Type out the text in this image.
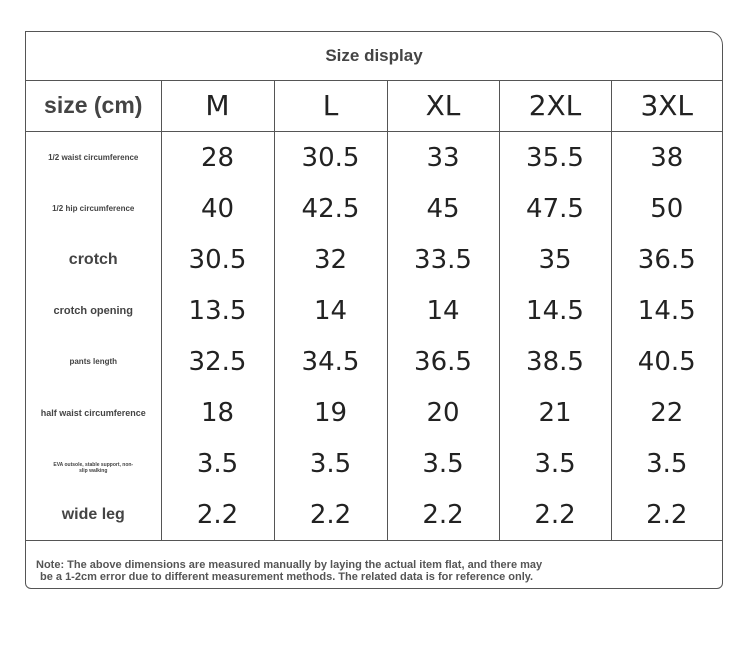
Size display
size (cm)	M	L	XL	2XL	3XL
1/2 waist circumference	28	30.5	33	35.5	38
1/2 hip circumference	40	42.5	45	47.5	50
crotch	30.5	32	33.5	35	36.5
crotch opening	13.5	14	14	14.5	14.5
pants length	32.5	34.5	36.5	38.5	40.5
half waist circumference	18	19	20	21	22
EVA outsole, stable support, non-slip walking	3.5	3.5	3.5	3.5	3.5
wide leg	2.2	2.2	2.2	2.2	2.2
Note: The above dimensions are measured manually by laying the actual item flat, and there may
be a 1-2cm error due to different measurement methods. The related data is for reference only.
